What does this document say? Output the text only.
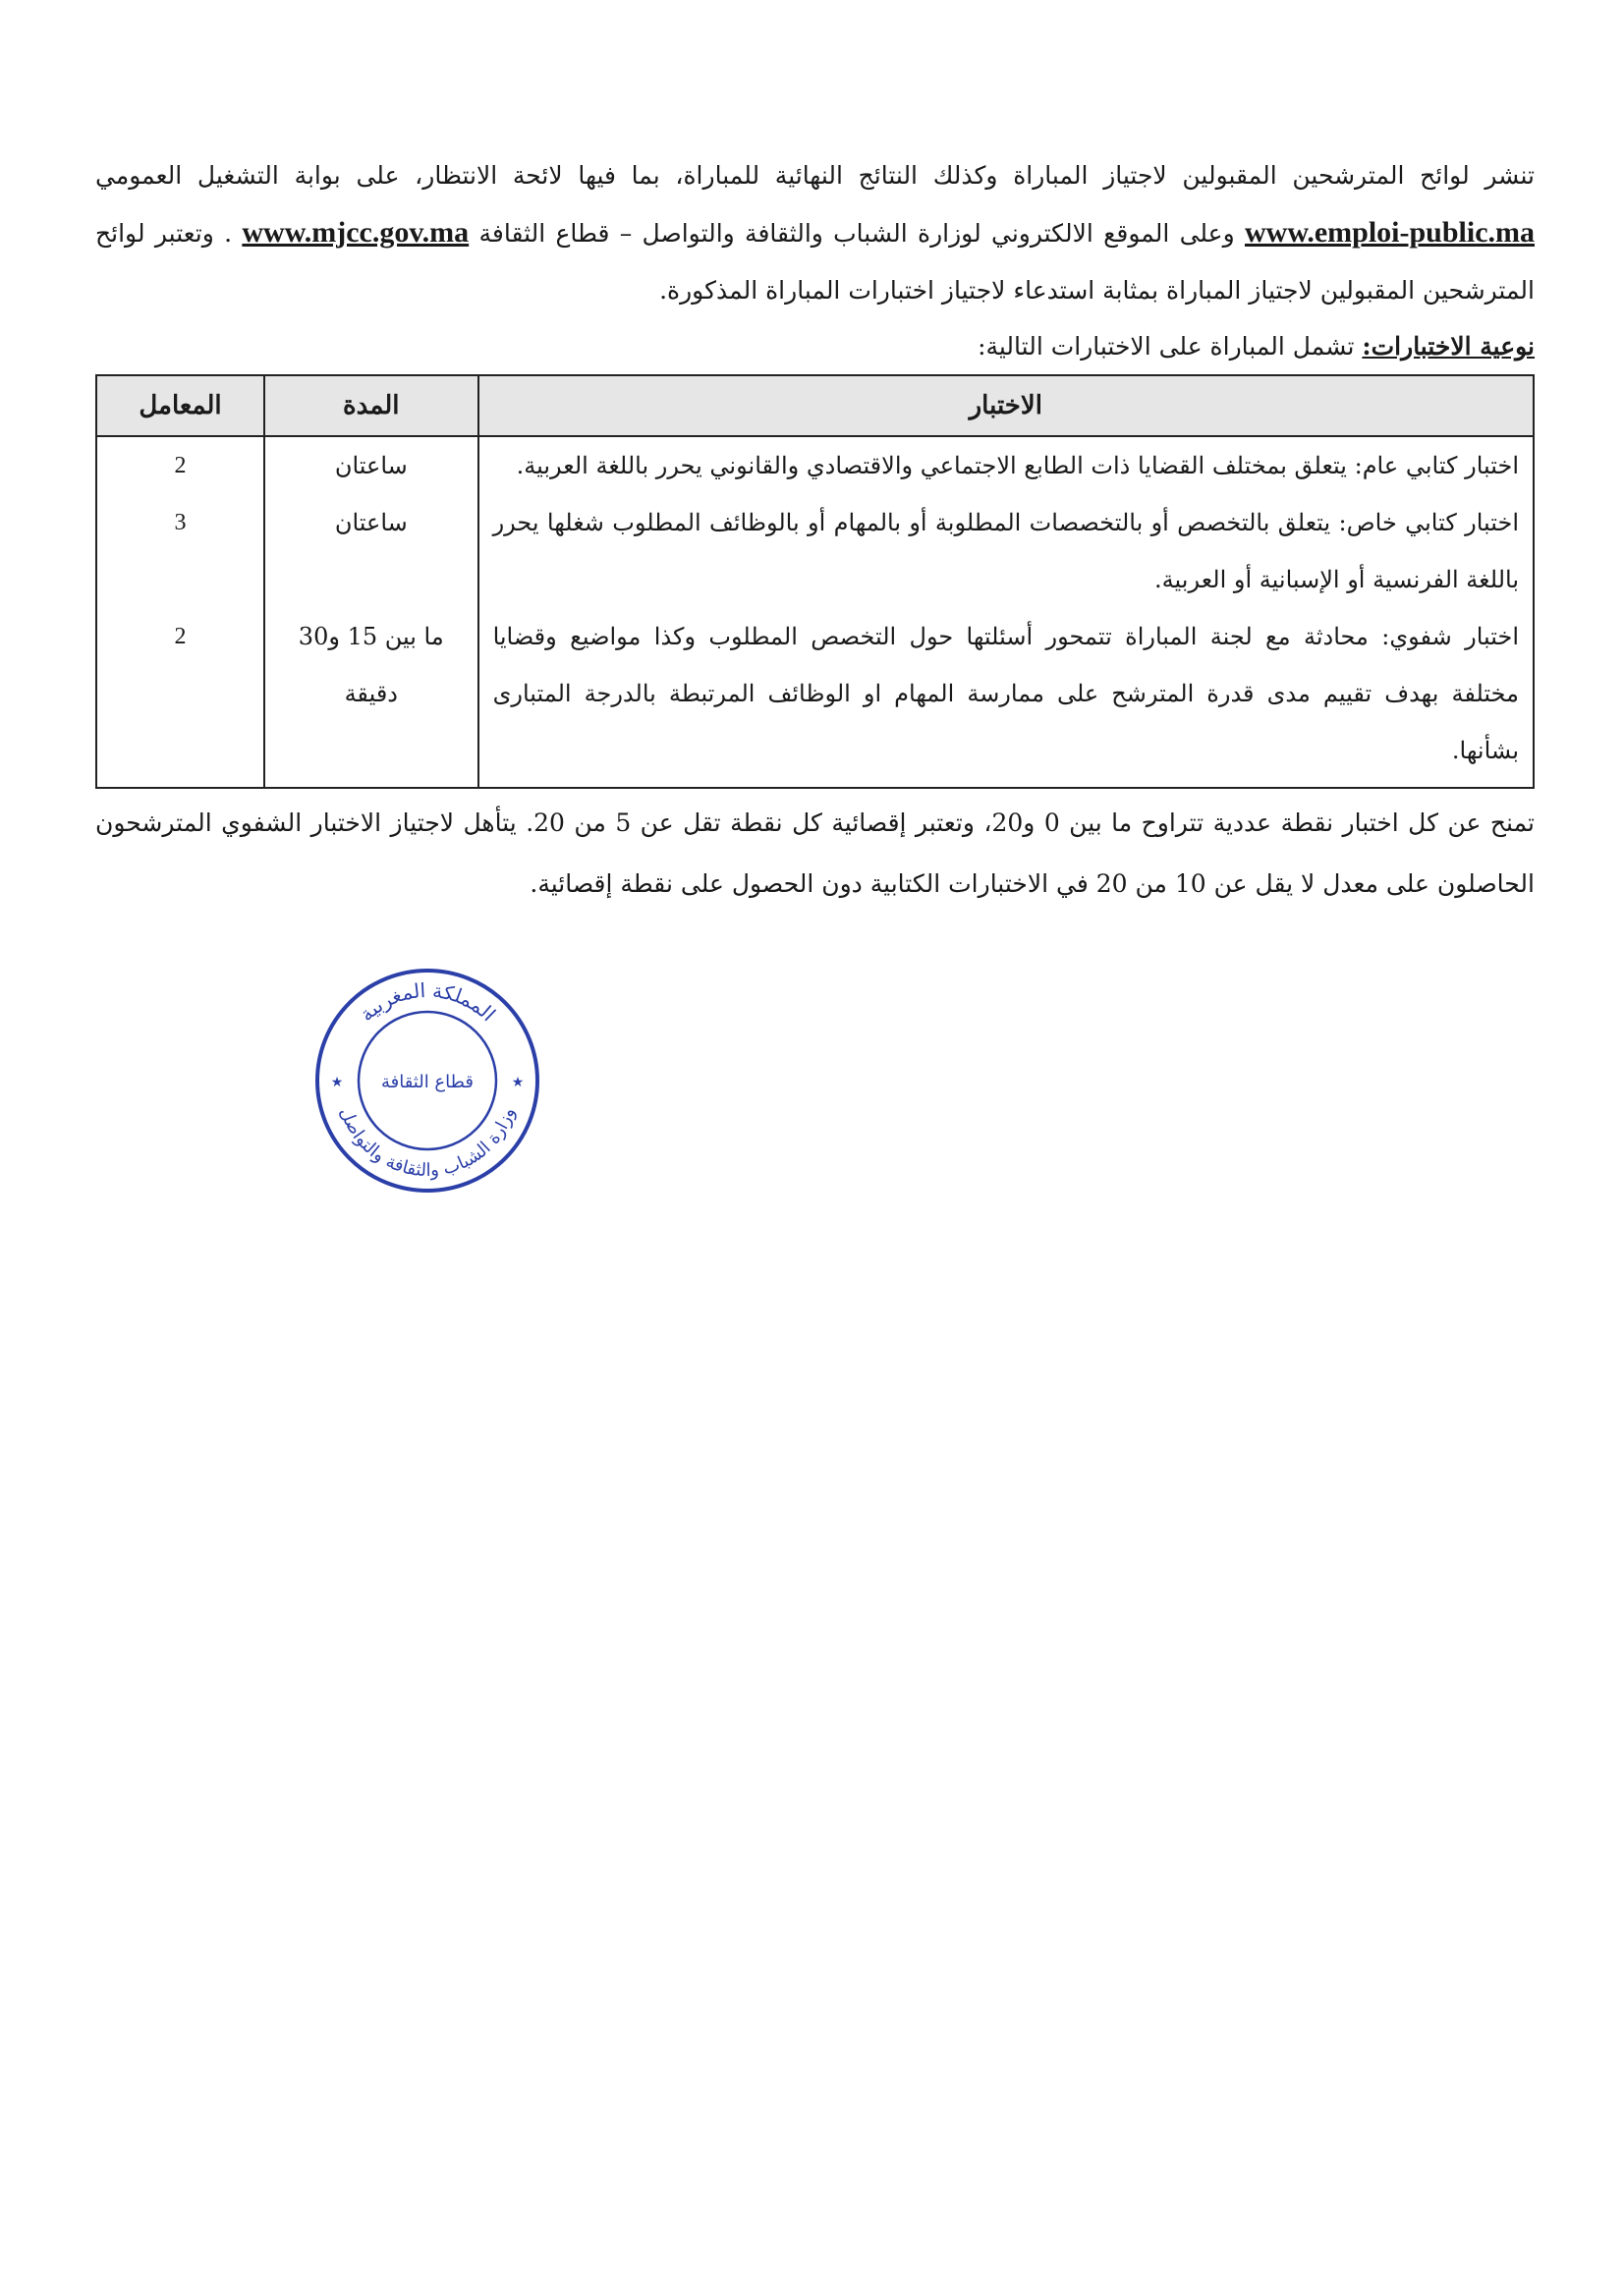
تنشر لوائح المترشحين المقبولين لاجتياز المباراة وكذلك النتائج النهائية للمباراة، بما فيها لائحة الانتظار، على بوابة التشغيل العمومي www.emploi-public.ma وعلى الموقع الالكتروني لوزارة الشباب والثقافة والتواصل – قطاع الثقافة www.mjcc.gov.ma . وتعتبر لوائح المترشحين المقبولين لاجتياز المباراة بمثابة استدعاء لاجتياز اختبارات المباراة المذكورة.

نوعية الاختبارات: تشمل المباراة على الاختبارات التالية:

الاختبار	المدة	المعامل
اختبار كتابي عام: يتعلق بمختلف القضايا ذات الطابع الاجتماعي والاقتصادي والقانوني يحرر باللغة العربية.	ساعتان	2
اختبار كتابي خاص: يتعلق بالتخصص أو بالتخصصات المطلوبة أو بالمهام أو بالوظائف المطلوب شغلها يحرر باللغة الفرنسية أو الإسبانية أو العربية.	ساعتان	3
اختبار شفوي: محادثة مع لجنة المباراة تتمحور أسئلتها حول التخصص المطلوب وكذا مواضيع وقضايا مختلفة بهدف تقييم مدى قدرة المترشح على ممارسة المهام او الوظائف المرتبطة بالدرجة المتبارى بشأنها.	ما بين 15 و30 دقيقة	2

تمنح عن كل اختبار نقطة عددية تتراوح ما بين 0 و20، وتعتبر إقصائية كل نقطة تقل عن 5 من 20. يتأهل لاجتياز الاختبار الشفوي المترشحون الحاصلون على معدل لا يقل عن 10 من 20 في الاختبارات الكتابية دون الحصول على نقطة إقصائية.

المملكة المغربية
وزارة الشباب والثقافة والتواصل
قطاع الثقافة
★	★
